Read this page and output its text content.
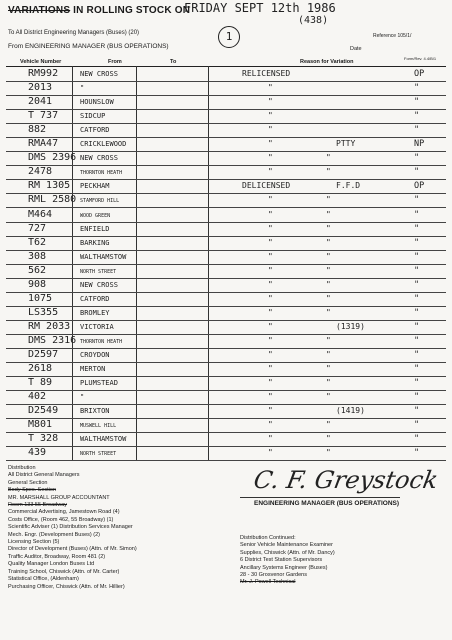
VARIATIONS IN ROLLING STOCK ON
FRIDAY SEPT 12th 1986
(438)
1
To All District Engineering Managers (Buses) (20)	Reference 105/1/
From ENGINEERING MANAGER (BUS OPERATIONS)	Date
Form/Rev. 4.4/B/1
Vehicle Number	From	To	Reason for Variation
RM992	NEW CROSS	RELICENSED	OP
2013	"	"	"
2041	HOUNSLOW	"	"
T 737	SIDCUP	"	"
882	CATFORD	"	"
RMA47	CRICKLEWOOD	"	PTTY	NP
DMS 2396 NEW CROSS	"	"	"
2478	THORNTON HEATH	"	"	"
RM 1305 PECKHAM	DELICENSED	F.F.D	OP
RML 2580 STAMFORD HILL	"	"	"
M464	WOOD GREEN	"	"	"
727	ENFIELD	"	"	"
T62	BARKING	"	"	"
308	WALTHAMSTOW	"	"	"
562	NORTH STREET	"	"	"
908	NEW CROSS	"	"	"
1075	CATFORD	"	"	"
LS355	BROMLEY	"	"	"
RM 2033 VICTORIA	"	(1319)	"
DMS 2316 THORNTON HEATH	"	"	"
D2597	CROYDON	"	"	"
2618	MERTON	"	"	"
T 89	PLUMSTEAD	"	"	"
402	"	"	"	"
D2549	BRIXTON	"	(1419)	"
M801	MUSWELL HILL	"	"	"
T 328	WALTHAMSTOW	"	"	"
439	NORTH STREET	"	"	"
Distribution
All District General Managers
General Section
Body Spec. Section
MR. MARSHALL GROUP ACCOUNTANT
Room 133 55 Broadway
Commercial Advertising, Jamestown Road (4)
Costs Office, (Room 462, 55 Broadway) (1)
Scientific Adviser (1) Distribution Services Manager
Mech. Engr. (Development Buses) (2)
Licensing Section (5)
Director of Development (Buses) (Attn. of Mr. Simon)
Traffic Auditor, Broadway, Room 481 (2)
Quality Manager London Buses Ltd
Training School, Chiswick (Attn. of Mr. Carter)
Statistical Office, (Aldenham)
Purchasing Officer, Chiswick (Attn. of Mr. Hillier)
C. F. Greystock
ENGINEERING MANAGER (BUS OPERATIONS)
Distribution Continued:
Senior Vehicle Maintenance Examiner
Supplies, Chiswick (Attn. of Mr. Dancy)
6 District Test Station Supervisors
Ancillary Systems Engineer (Buses)
28 - 30 Grosvenor Gardens
Mr. J. Powell Technical
